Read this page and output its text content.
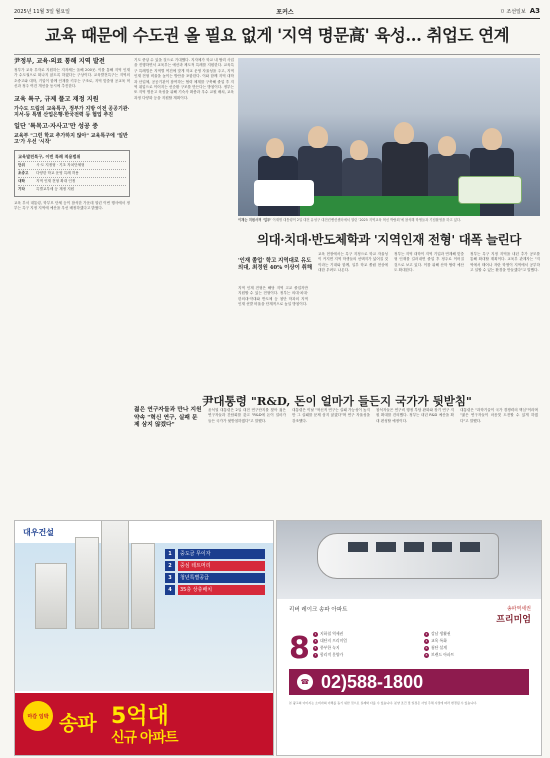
2025년 11월 3일 월요일	포커스	ㅁ 조선일보 A3
교육 때문에 수도권 올 필요 없게 '지역 명문高' 육성… 취업도 연계
尹정부, 교육·의료 통해 지역 발전
정부가 교육 투자로 지원하는 지자체는 올해 200곳. 이를 통해 지역 인재가 수도권으로 떠나지 않도록 하겠다는 구상이다. 교육발전특구는 지역의 초중고와 대학, 기업이 함께 인재를 키우는 구조로, 지역 맞춤형 공교육 혁신과 정주 여건 개선을 동시에 추진한다.
교육 특구, 규제 풀고 재정 지원
가수도 드림의 교육특구, 정부가 지방 이전 공공기관·지서·등 특별 산업은행·한국전력 등 협업 추진
일단 '특목고·자사고'만 성공 중
교육부 "그런 학교 추가하지 않아" 교육특구에 '일반고'가 우선 '시작'
교육발전특구, 이번 특례 적용범위
단위	시·도 지정형 · 기초 자치단체형
초중고	다양한 학교 운영 특례 허용
대학	지역 인재 전형 확대 인정
기타	특별교부세 등 재정 지원
교육 부서 대통령, 학부모 단체 등이 참석한 가운데 열린 이번 행사에서 정부는 특구 지정 지역에 예산을 우선 배정하겠다고 밝혔다.
기도 중앙 수 있을 것으로 기대했다. 지자체가 학교 내 협력 사업을 진행하면서 교육부는 예산과 제도적 특례를 지원한다. 교육특구 특례법은 지역별 여건에 맞게 학교 운영 자율성을 주고, 지역 인재 전형 비율을 높이는 방안을 포함한다. 이와 함께 지역 대학과 산업체, 공공기관이 참여하는 협력 체계를 구축해 졸업 후 지역 취업으로 이어지는 선순환 구조를 만든다는 방침이다. 정부는 또 지역 명문고 육성을 위해 기숙사 확충과 우수 교원 배치, 교육과정 다양화 등을 지원할 계획이다.
이재는 지원사격 ‘업무’ 이재명 대통령이 2일 대전 유성구 대전컨벤션센터에서 열린 ‘2025 지역교육 혁신 박람회’에 참석해 학생들과 기념촬영을 하고 있다.
의대·치대·반도체학과 '지역인재 전형' 대폭 늘린다
'인재 졸업' 학고 지역대로 유도 의대, 최정원 40% 이상이 취해
지역 인재 전형은 해당 지역 고교 졸업자만 지원할 수 있는 전형이다. 정부는 의대·치대·한의대·약대와 반도체 등 첨단 학과의 지역 인재 선발 비율을 단계적으로 높일 방침이다.
교육 현장에서는 특구 지정으로 학교 자율성이 커지면 지역 학생들의 선택지가 넓어질 것이라는 기대와 함께, 일부 학교 쏠림 현상에 대한 우려도 나온다.
정부는 지역 대학이 지역 기업과 연계해 맞춤형 인재를 길러내면 졸업 후 정주로 이어질 것으로 보고 있다. 이를 위해 산학 협력 예산도 확대한다.
정부는 특구 지정 지역을 내년 추가 공모를 통해 확대할 계획이다. 교육부 관계자는 "지역에서 태어나 자란 학생이 지역에서 공부하고 일할 수 있는 환경을 만들겠다"고 말했다.
尹대통령 "R&D, 돈이 얼마가 들든지 국가가 뒷받침"
젊은 연구자들과 만나 지원 약속 "혁신 연구, 실패 문제 삼지 않겠다"
윤석열 대통령은 2일 대전 연구단지를 찾아 젊은 연구자들과 간담회를 갖고 "R&D에 돈이 얼마가 들든 국가가 뒷받침하겠다"고 말했다.
대통령은 이날 "혁신적 연구는 실패 가능성이 높지만 그 실패를 문제 삼지 않겠다"며 연구 자율성을 강조했다.
참석자들은 연구비 행정 부담 완화와 장기 연구 지원 확대를 건의했다. 정부는 내년 R&D 예산을 확대 편성할 예정이다.
대통령은 "과학기술이 국가 경쟁력의 핵심"이라며 "젊은 연구자들이 마음껏 도전할 수 있게 하겠다"고 말했다.
대우건설
1	중도금 무이자
2	중심 테트머리
3	청년특별공급
4	35층 상층배치
마감 임박 송파 5억대
신규 아파트
리버 레이크 송파 아파트	송파역세권
프리미엄
8	1 지하철 역세권	2 강남 생활권
3 대단지 프리미엄	4 교육 특화
5 풍부한 녹지	6 첨단 설계
7 합리적 분양가	8 브랜드 아파트
☎ 02)588-1800
본 광고의 이미지는 소비자의 이해를 돕기 위한 것으로 실제와 다를 수 있습니다. 분양 조건 및 일정은 사업 주체 사정에 따라 변경될 수 있습니다.
